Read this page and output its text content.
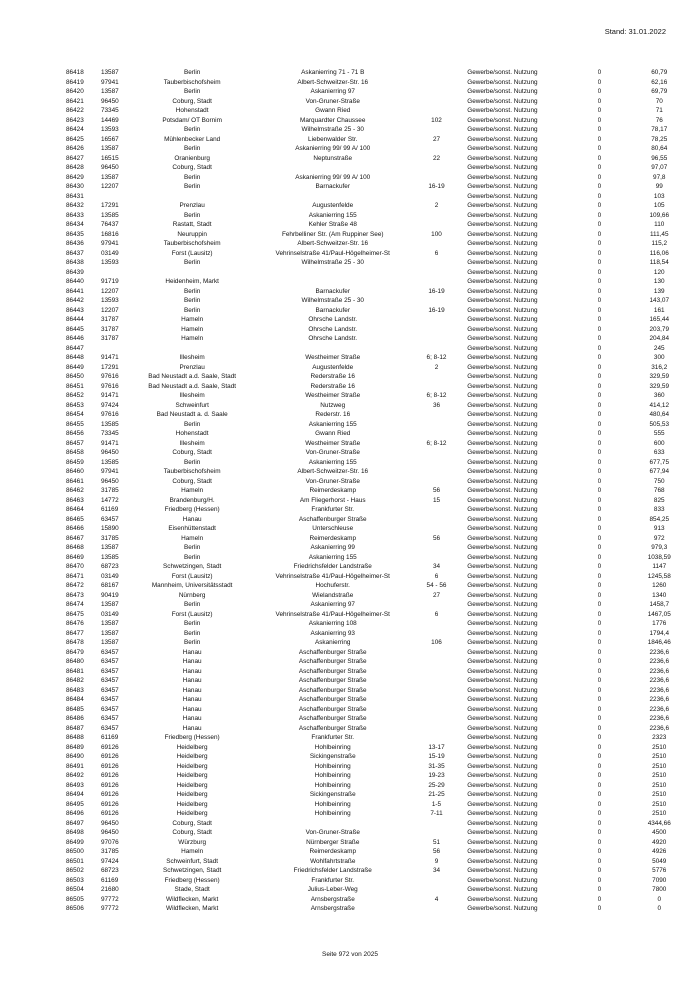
Stand: 31.01.2022
86418	13587	Berlin	Askanierring 71 - 71 B			Gewerbe/sonst. Nutzung	0	60,79
86419	97941	Tauberbischofsheim	Albert-Schweitzer-Str. 16			Gewerbe/sonst. Nutzung	0	62,16
86420	13587	Berlin	Askanierring 97			Gewerbe/sonst. Nutzung	0	69,79
86421	96450	Coburg, Stadt	Von-Gruner-Straße			Gewerbe/sonst. Nutzung	0	70
86422	73345	Hohenstadt	Gwann Ried			Gewerbe/sonst. Nutzung	0	71
86423	14469	Potsdam/ OT Bornim	Marquardter Chaussee	102		Gewerbe/sonst. Nutzung	0	76
86424	13593	Berlin	Wilhelmstraße 25 - 30			Gewerbe/sonst. Nutzung	0	78,17
86425	16567	Mühlenbecker Land	Liebenwalder Str.	27		Gewerbe/sonst. Nutzung	0	78,25
86426	13587	Berlin	Askanierring 99/ 99 A/ 100			Gewerbe/sonst. Nutzung	0	80,64
86427	16515	Oranienburg	Neptunstraße	22		Gewerbe/sonst. Nutzung	0	96,55
86428	96450	Coburg, Stadt				Gewerbe/sonst. Nutzung	0	97,07
86429	13587	Berlin	Askanierring 99/ 99 A/ 100			Gewerbe/sonst. Nutzung	0	97,8
86430	12207	Berlin	Barnackufer	16-19		Gewerbe/sonst. Nutzung	0	99
86431						Gewerbe/sonst. Nutzung	0	103
86432	17291	Prenzlau	Augustenfelde	2		Gewerbe/sonst. Nutzung	0	105
86433	13585	Berlin	Askanierring 155			Gewerbe/sonst. Nutzung	0	109,66
86434	76437	Rastatt, Stadt	Kehler Straße 48			Gewerbe/sonst. Nutzung	0	110
86435	16816	Neuruppin	Fehrbelliner Str. (Am Ruppiner See)	100		Gewerbe/sonst. Nutzung	0	111,45
86436	97941	Tauberbischofsheim	Albert-Schweitzer-Str. 16			Gewerbe/sonst. Nutzung	0	115,2
86437	03149	Forst (Lausitz)	Vehrinselstraße 41/Paul-Högelheimer-St	6		Gewerbe/sonst. Nutzung	0	116,06
86438	13593	Berlin	Wilhelmstraße 25 - 30			Gewerbe/sonst. Nutzung	0	118,54
86439						Gewerbe/sonst. Nutzung	0	120
86440	91719	Heidenheim, Markt				Gewerbe/sonst. Nutzung	0	130
86441	12207	Berlin	Barnackufer	16-19		Gewerbe/sonst. Nutzung	0	139
86442	13593	Berlin	Wilhelmstraße 25 - 30			Gewerbe/sonst. Nutzung	0	143,07
86443	12207	Berlin	Barnackufer	16-19		Gewerbe/sonst. Nutzung	0	161
86444	31787	Hameln	Ohrsche Landstr.			Gewerbe/sonst. Nutzung	0	165,44
86445	31787	Hameln	Ohrsche Landstr.			Gewerbe/sonst. Nutzung	0	203,79
86446	31787	Hameln	Ohrsche Landstr.			Gewerbe/sonst. Nutzung	0	204,84
86447						Gewerbe/sonst. Nutzung	0	245
86448	91471	Illesheim	Westheimer Straße	6; 8-12		Gewerbe/sonst. Nutzung	0	300
86449	17291	Prenzlau	Augustenfelde	2		Gewerbe/sonst. Nutzung	0	316,2
86450	97616	Bad Neustadt a.d. Saale, Stadt	Rederstraße 16			Gewerbe/sonst. Nutzung	0	329,59
86451	97616	Bad Neustadt a.d. Saale, Stadt	Rederstraße 16			Gewerbe/sonst. Nutzung	0	329,59
86452	91471	Illesheim	Westheimer Straße	6; 8-12		Gewerbe/sonst. Nutzung	0	360
86453	97424	Schweinfurt	Nutzweg	36		Gewerbe/sonst. Nutzung	0	414,12
86454	97616	Bad Neustadt a. d. Saale	Rederstr. 16			Gewerbe/sonst. Nutzung	0	480,64
86455	13585	Berlin	Askanierring 155			Gewerbe/sonst. Nutzung	0	505,53
86456	73345	Hohenstadt	Gwann Ried			Gewerbe/sonst. Nutzung	0	555
86457	91471	Illesheim	Westheimer Straße	6; 8-12		Gewerbe/sonst. Nutzung	0	600
86458	96450	Coburg, Stadt	Von-Gruner-Straße			Gewerbe/sonst. Nutzung	0	633
86459	13585	Berlin	Askanierring 155			Gewerbe/sonst. Nutzung	0	677,75
86460	97941	Tauberbischofsheim	Albert-Schweitzer-Str. 16			Gewerbe/sonst. Nutzung	0	677,94
86461	96450	Coburg, Stadt	Von-Gruner-Straße			Gewerbe/sonst. Nutzung	0	750
86462	31785	Hameln	Reimerdeskamp	56		Gewerbe/sonst. Nutzung	0	768
86463	14772	Brandenburg/H.	Am Fliegerhorst - Haus	15		Gewerbe/sonst. Nutzung	0	825
86464	61169	Friedberg (Hessen)	Frankfurter Str.			Gewerbe/sonst. Nutzung	0	833
86465	63457	Hanau	Aschaffenburger Straße			Gewerbe/sonst. Nutzung	0	854,25
86466	15890	Eisenhüttenstadt	Unterschleuse			Gewerbe/sonst. Nutzung	0	913
86467	31785	Hameln	Reimerdeskamp	56		Gewerbe/sonst. Nutzung	0	972
86468	13587	Berlin	Askanierring 99			Gewerbe/sonst. Nutzung	0	979,3
86469	13585	Berlin	Askanierring 155			Gewerbe/sonst. Nutzung	0	1038,59
86470	68723	Schwetzingen, Stadt	Friedrichsfelder Landstraße	34		Gewerbe/sonst. Nutzung	0	1147
86471	03149	Forst (Lausitz)	Vehrinselstraße 41/Paul-Högelheimer-St	6		Gewerbe/sonst. Nutzung	0	1245,58
86472	68167	Mannheim, Universitätsstadt	Hochuferstr.	54 - 56		Gewerbe/sonst. Nutzung	0	1260
86473	90419	Nürnberg	Wielandstraße	27		Gewerbe/sonst. Nutzung	0	1340
86474	13587	Berlin	Askanierring 97			Gewerbe/sonst. Nutzung	0	1458,7
86475	03149	Forst (Lausitz)	Vehrinselstraße 41/Paul-Högelheimer-St	6		Gewerbe/sonst. Nutzung	0	1467,05
86476	13587	Berlin	Askanierring 108			Gewerbe/sonst. Nutzung	0	1776
86477	13587	Berlin	Askanierring 93			Gewerbe/sonst. Nutzung	0	1794,4
86478	13587	Berlin	Askanierring	106		Gewerbe/sonst. Nutzung	0	1846,46
86479	63457	Hanau	Aschaffenburger Straße			Gewerbe/sonst. Nutzung	0	2236,6
86480	63457	Hanau	Aschaffenburger Straße			Gewerbe/sonst. Nutzung	0	2236,6
86481	63457	Hanau	Aschaffenburger Straße			Gewerbe/sonst. Nutzung	0	2236,6
86482	63457	Hanau	Aschaffenburger Straße			Gewerbe/sonst. Nutzung	0	2236,6
86483	63457	Hanau	Aschaffenburger Straße			Gewerbe/sonst. Nutzung	0	2236,6
86484	63457	Hanau	Aschaffenburger Straße			Gewerbe/sonst. Nutzung	0	2236,6
86485	63457	Hanau	Aschaffenburger Straße			Gewerbe/sonst. Nutzung	0	2236,6
86486	63457	Hanau	Aschaffenburger Straße			Gewerbe/sonst. Nutzung	0	2236,6
86487	63457	Hanau	Aschaffenburger Straße			Gewerbe/sonst. Nutzung	0	2236,6
86488	61169	Friedberg (Hessen)	Frankfurter Str.			Gewerbe/sonst. Nutzung	0	2323
86489	69126	Heidelberg	Hohlbeinring	13-17		Gewerbe/sonst. Nutzung	0	2510
86490	69126	Heidelberg	Sickingenstraße	15-19		Gewerbe/sonst. Nutzung	0	2510
86491	69126	Heidelberg	Hohlbeinring	31-35		Gewerbe/sonst. Nutzung	0	2510
86492	69126	Heidelberg	Hohlbeinring	19-23		Gewerbe/sonst. Nutzung	0	2510
86493	69126	Heidelberg	Hohlbeinring	25-29		Gewerbe/sonst. Nutzung	0	2510
86494	69126	Heidelberg	Sickingenstraße	21-25		Gewerbe/sonst. Nutzung	0	2510
86495	69126	Heidelberg	Hohlbeinring	1-5		Gewerbe/sonst. Nutzung	0	2510
86496	69126	Heidelberg	Hohlbeinring	7-11		Gewerbe/sonst. Nutzung	0	2510
86497	96450	Coburg, Stadt				Gewerbe/sonst. Nutzung	0	4344,66
86498	96450	Coburg, Stadt	Von-Gruner-Straße			Gewerbe/sonst. Nutzung	0	4500
86499	97076	Würzburg	Nürnberger Straße	51		Gewerbe/sonst. Nutzung	0	4920
86500	31785	Hameln	Reimerdeskamp	56		Gewerbe/sonst. Nutzung	0	4926
86501	97424	Schweinfurt, Stadt	Wohlfahrtstraße	9		Gewerbe/sonst. Nutzung	0	5049
86502	68723	Schwetzingen, Stadt	Friedrichsfelder Landstraße	34		Gewerbe/sonst. Nutzung	0	5776
86503	61169	Friedberg (Hessen)	Frankfurter Str.			Gewerbe/sonst. Nutzung	0	7090
86504	21680	Stade, Stadt	Julius-Leber-Weg			Gewerbe/sonst. Nutzung	0	7800
86505	97772	Wildflecken, Markt	Arnsbergstraße	4		Gewerbe/sonst. Nutzung	0	0
86506	97772	Wildflecken, Markt	Arnsbergstraße			Gewerbe/sonst. Nutzung	0	0
Seite 972 von 2025
